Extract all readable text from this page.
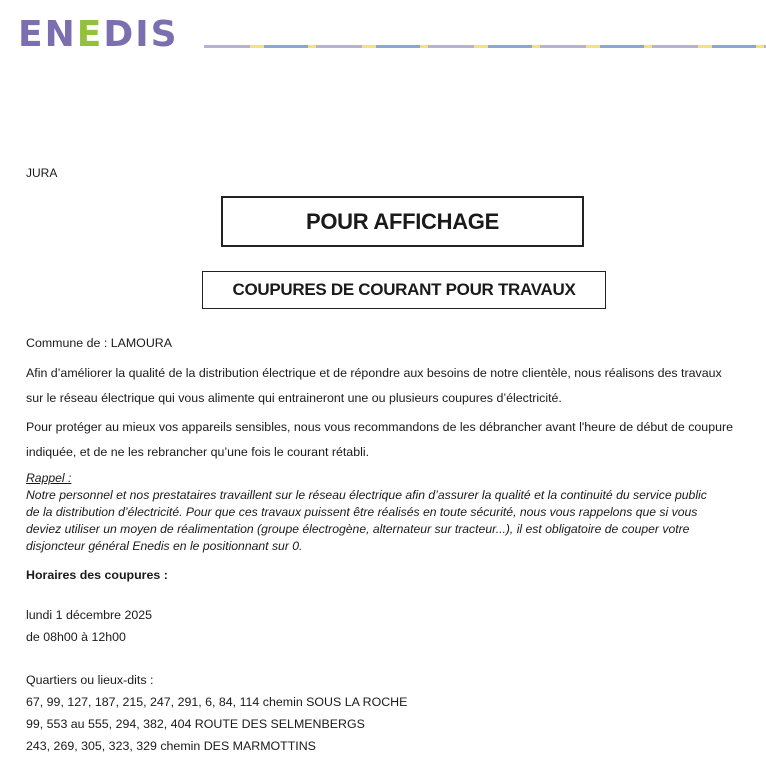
ENEDIS
JURA
POUR AFFICHAGE
COUPURES DE COURANT POUR TRAVAUX
Commune de : LAMOURA
Afin d’améliorer la qualité de la distribution électrique et de répondre aux besoins de notre clientèle, nous réalisons des travaux
sur le réseau électrique qui vous alimente qui entraineront une ou plusieurs coupures d’électricité.
Pour protéger au mieux vos appareils sensibles, nous vous recommandons de les débrancher avant l'heure de début de coupure
indiquée, et de ne les rebrancher qu’une fois le courant rétabli.
Rappel :
Notre personnel et nos prestataires travaillent sur le réseau électrique afin d’assurer la qualité et la continuité du service public
de la distribution d’électricité. Pour que ces travaux puissent être réalisés en toute sécurité, nous vous rappelons que si vous
deviez utiliser un moyen de réalimentation (groupe électrogène, alternateur sur tracteur...), il est obligatoire de couper votre
disjoncteur général Enedis en le positionnant sur 0.
Horaires des coupures :
lundi 1 décembre 2025
de 08h00 à 12h00
Quartiers ou lieux-dits :
67, 99, 127, 187, 215, 247, 291, 6, 84, 114 chemin SOUS LA ROCHE
99, 553 au 555, 294, 382, 404 ROUTE DES SELMENBERGS
243, 269, 305, 323, 329 chemin DES MARMOTTINS
